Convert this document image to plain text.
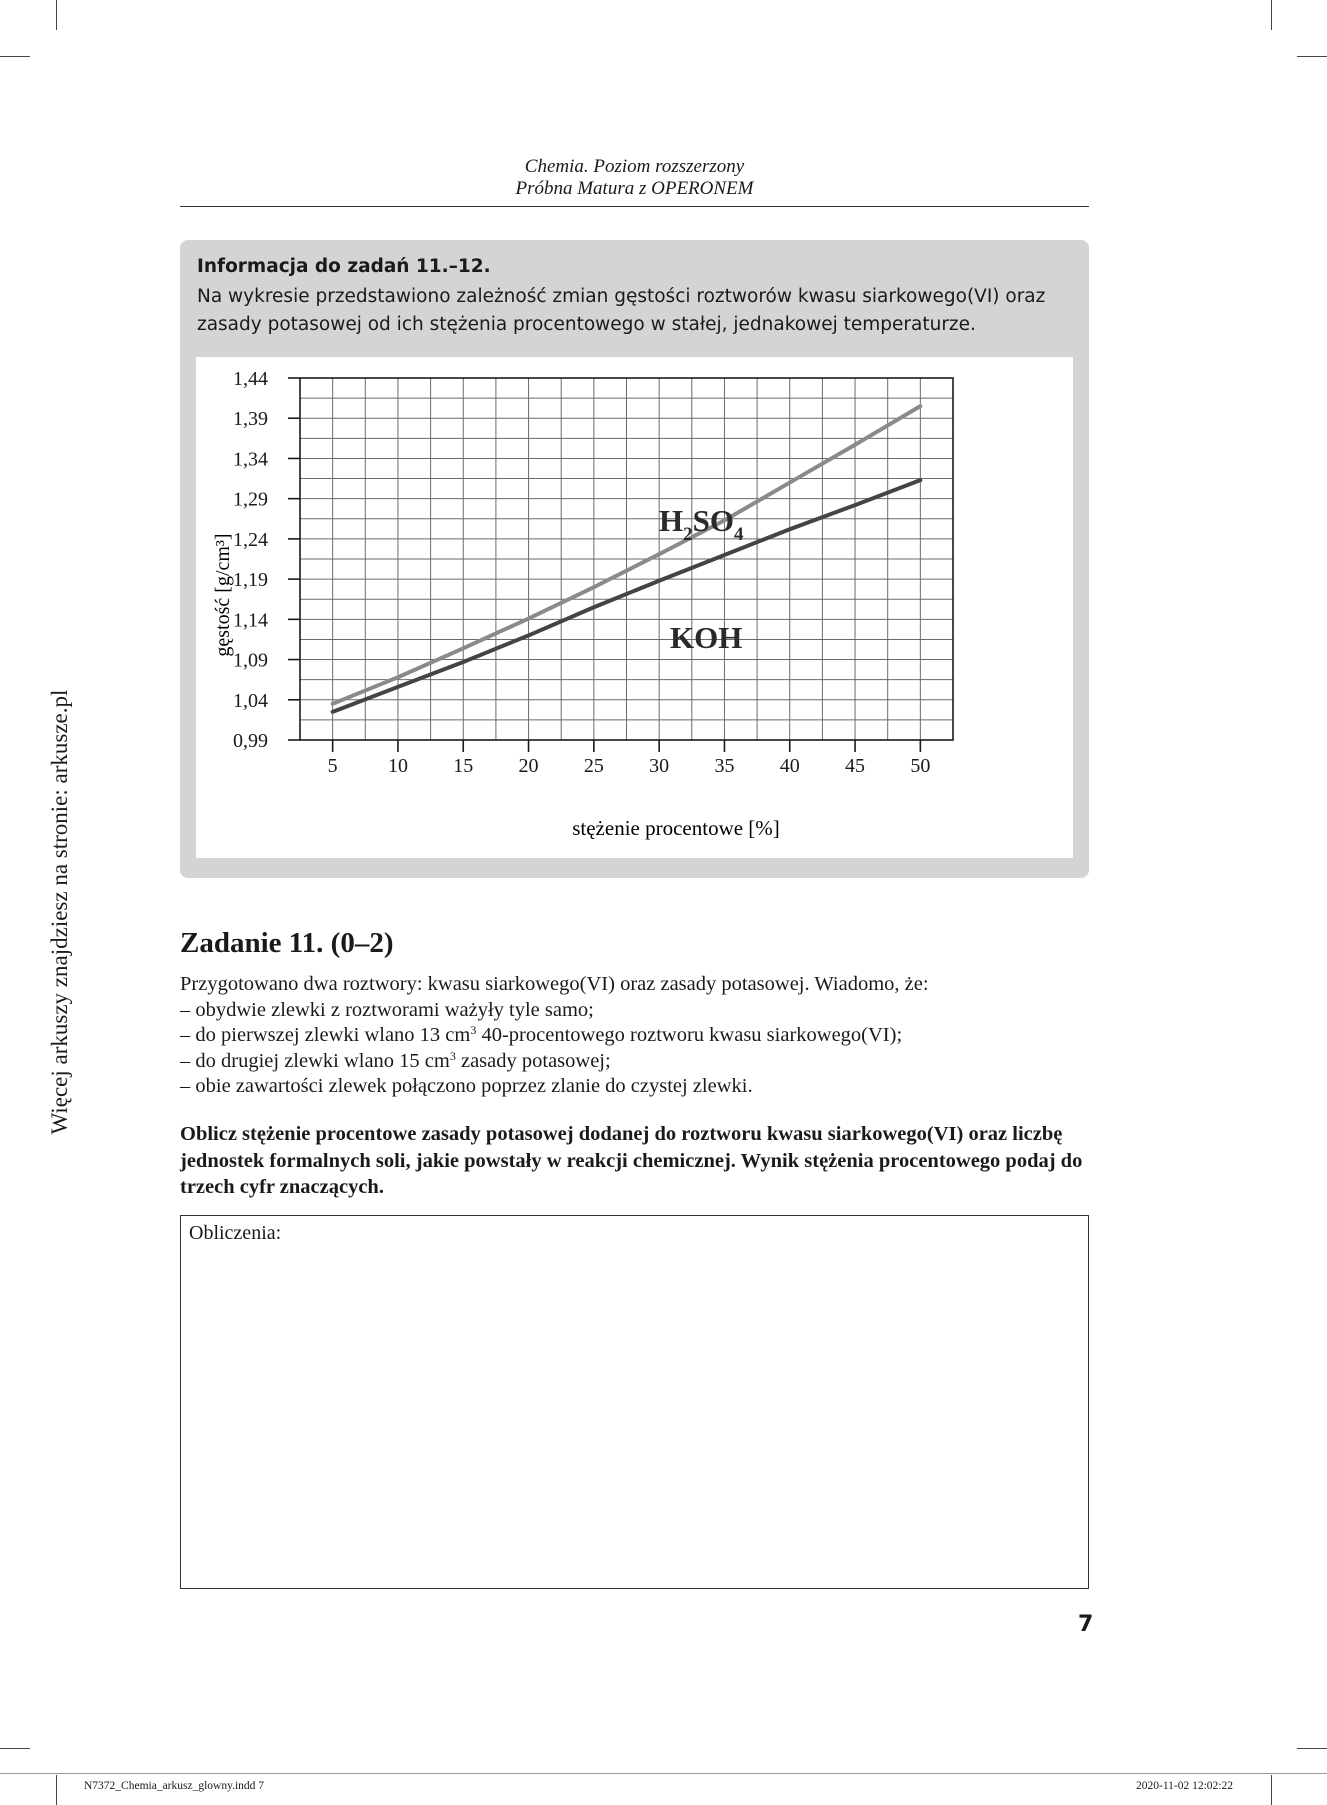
Chemia. Poziom rozszerzony
Próbna Matura z OPERONEM
Więcej arkuszy znajdziesz na stronie: arkusze.pl
Informacja do zadań 11.–12.
Na wykresie przedstawiono zależność zmian gęstości roztworów kwasu siarkowego(VI) oraz zasady potasowej od ich stężenia procentowego w stałej, jednakowej temperaturze.
0,99
1,04
1,09
1,14
1,19
1,24
1,29
1,34
1,39
1,44
5	10 15 20 25 30 35 40 45 50
gęstość [g/cm³]
stężenie procentowe [%]
$H_2SO_4$
KOH
Zadanie 11. (0–2)

Przygotowano dwa roztwory: kwasu siarkowego(VI) oraz zasady potasowej. Wiadomo, że:

– obydwie zlewki z roztworami ważyły tyle samo;

– do pierwszej zlewki wlano 13 $cm^3$ 40-procentowego roztworu kwasu siarkowego(VI);

– do drugiej zlewki wlano 15 $cm^3$ zasady potasowej;

– obie zawartości zlewek połączono poprzez zlanie do czystej zlewki.

Oblicz stężenie procentowe zasady potasowej dodanej do roztworu kwasu siarkowego(VI) oraz liczbę jednostek formalnych soli, jakie powstały w reakcji chemicznej. Wynik stężenia procentowego podaj do trzech cyfr znaczących.
Obliczenia:
7
N7372_Chemia_arkusz_glowny.indd 7	2020-11-02 12:02:22
